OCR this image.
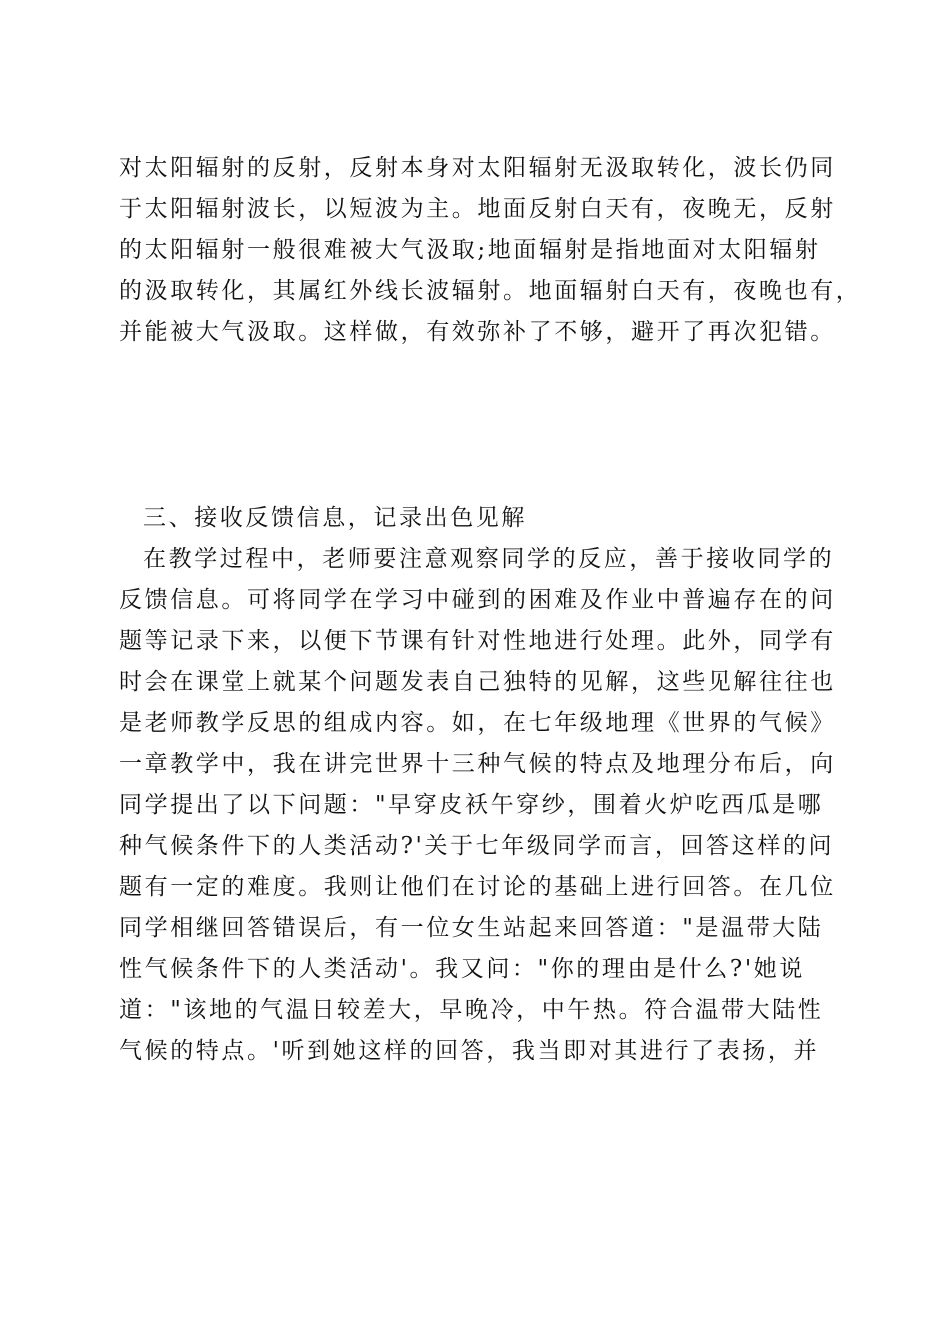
对太阳辐射的反射，反射本身对太阳辐射无汲取转化，波长仍同
于太阳辐射波长，以短波为主。地面反射白天有，夜晚无，反射
的太阳辐射一般很难被大气汲取;地面辐射是指地面对太阳辐射
的汲取转化，其属红外线长波辐射。地面辐射白天有，夜晚也有，
并能被大气汲取。这样做，有效弥补了不够，避开了再次犯错。
三、接收反馈信息，记录出色见解
在教学过程中，老师要注意观察同学的反应，善于接收同学的
反馈信息。可将同学在学习中碰到的困难及作业中普遍存在的问
题等记录下来，以便下节课有针对性地进行处理。此外，同学有
时会在课堂上就某个问题发表自己独特的见解，这些见解往往也
是老师教学反思的组成内容。如，在七年级地理《世界的气候》
一章教学中，我在讲完世界十三种气候的特点及地理分布后，向
同学提出了以下问题："早穿皮袄午穿纱，围着火炉吃西瓜是哪
种气候条件下的人类活动?'关于七年级同学而言，回答这样的问
题有一定的难度。我则让他们在讨论的基础上进行回答。在几位
同学相继回答错误后，有一位女生站起来回答道："是温带大陆
性气候条件下的人类活动'。我又问："你的理由是什么?'她说
道："该地的气温日较差大，早晚冷，中午热。符合温带大陆性
气候的特点。'听到她这样的回答，我当即对其进行了表扬，并
